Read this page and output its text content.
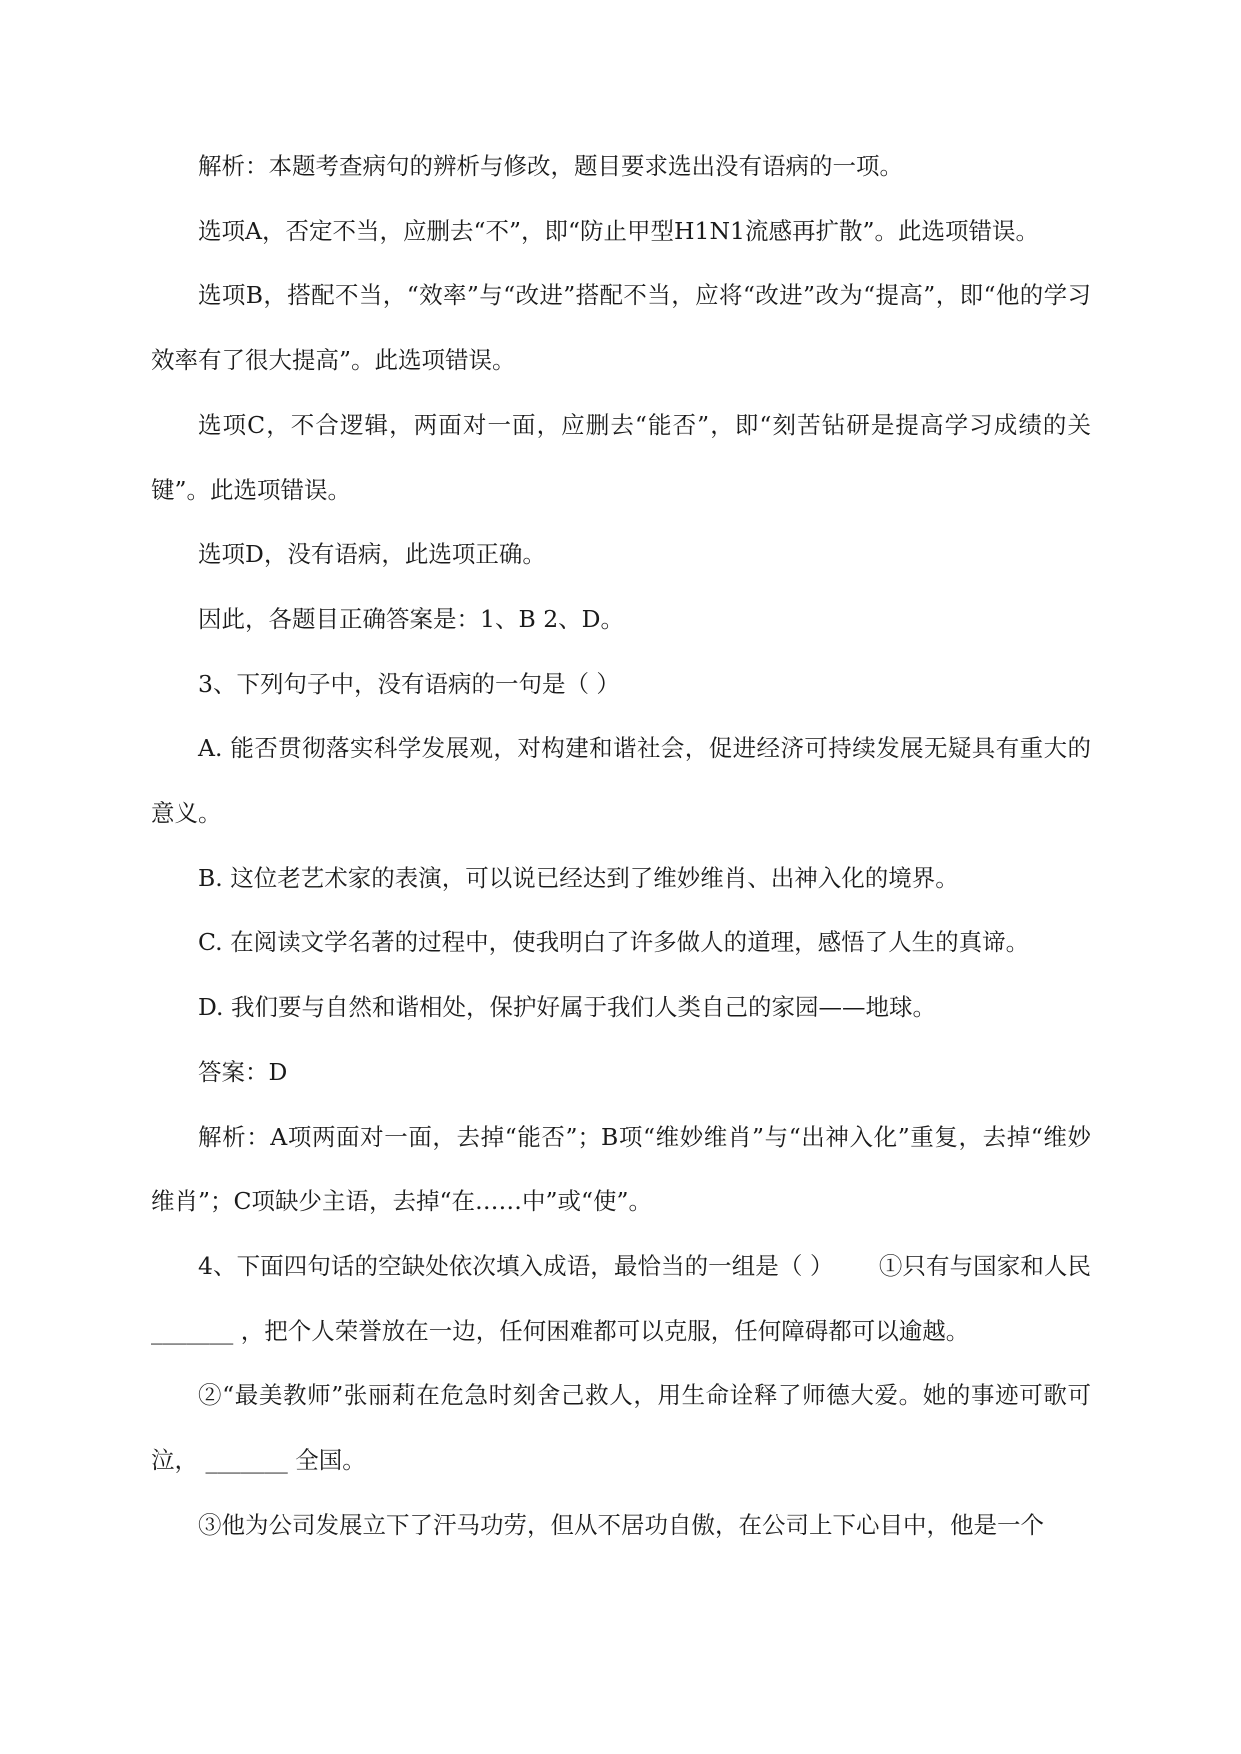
解析：本题考查病句的辨析与修改，题目要求选出没有语病的一项。

选项A，否定不当，应删去“不”，即“防止甲型H1N1流感再扩散”。此选项错误。

选项B，搭配不当，“效率”与“改进”搭配不当，应将“改进”改为“提高”，即“他的学习效率有了很大提高”。此选项错误。

选项C，不合逻辑，两面对一面，应删去“能否”，即“刻苦钻研是提高学习成绩的关键”。此选项错误。

选项D，没有语病，此选项正确。

因此，各题目正确答案是：1、B 2、D。

3、下列句子中，没有语病的一句是（ ）

A. 能否贯彻落实科学发展观，对构建和谐社会，促进经济可持续发展无疑具有重大的意义。

B. 这位老艺术家的表演，可以说已经达到了维妙维肖、出神入化的境界。

C. 在阅读文学名著的过程中，使我明白了许多做人的道理，感悟了人生的真谛。

D. 我们要与自然和谐相处，保护好属于我们人类自己的家园——地球。

答案：D

解析：A项两面对一面，去掉“能否”；B项“维妙维肖”与“出神入化”重复，去掉“维妙维肖”；C项缺少主语，去掉“在……中”或“使”。

4、下面四句话的空缺处依次填入成语，最恰当的一组是（ ）      ①只有与国家和人民 _______ ，把个人荣誉放在一边，任何困难都可以克服，任何障碍都可以逾越。

②“最美教师”张丽莉在危急时刻舍己救人，用生命诠释了师德大爱。她的事迹可歌可泣， _______ 全国。

③他为公司发展立下了汗马功劳，但从不居功自傲，在公司上下心目中，他是一个
